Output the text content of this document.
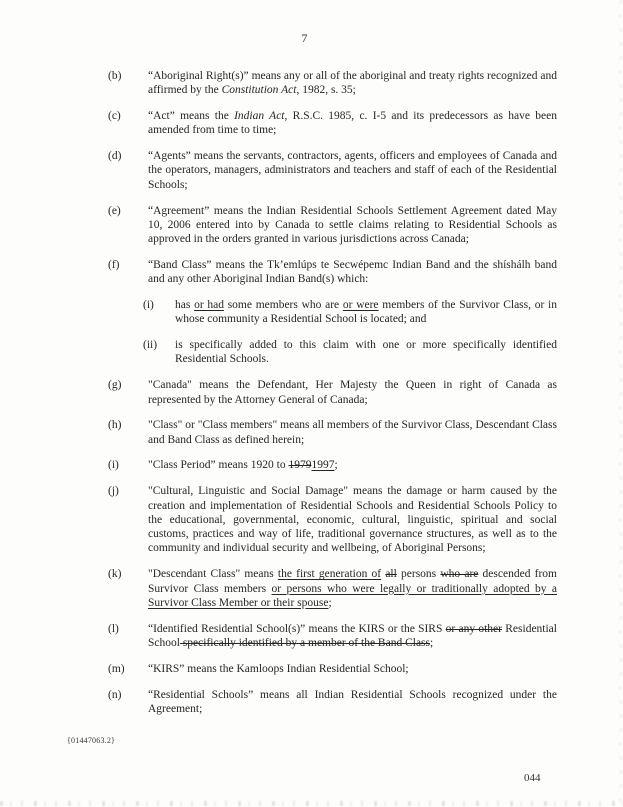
7
(b)	“Aboriginal Right(s)” means any or all of the aboriginal and treaty rights recognized and affirmed by the Constitution Act, 1982, s. 35;
(c)	“Act” means the Indian Act, R.S.C. 1985, c. I-5 and its predecessors as have been amended from time to time;
(d)	“Agents” means the servants, contractors, agents, officers and employees of Canada and the operators, managers, administrators and teachers and staff of each of the Residential Schools;
(e)	“Agreement” means the Indian Residential Schools Settlement Agreement dated May 10, 2006 entered into by Canada to settle claims relating to Residential Schools as approved in the orders granted in various jurisdictions across Canada;
(f)	“Band Class” means the Tk’emlúps te Secwépemc Indian Band and the shíshálh band and any other Aboriginal Indian Band(s) which:
(i)	has or had some members who are or were members of the Survivor Class, or in whose community a Residential School is located; and
(ii)	is specifically added to this claim with one or more specifically identified Residential Schools.
(g)	"Canada" means the Defendant, Her Majesty the Queen in right of Canada as represented by the Attorney General of Canada;
(h)	"Class" or "Class members" means all members of the Survivor Class, Descendant Class and Band Class as defined herein;
(i)	"Class Period” means 1920 to 19791997;
(j)	"Cultural, Linguistic and Social Damage" means the damage or harm caused by the creation and implementation of Residential Schools and Residential Schools Policy to the educational, governmental, economic, cultural, linguistic, spiritual and social customs, practices and way of life, traditional governance structures, as well as to the community and individual security and wellbeing, of Aboriginal Persons;
(k)	"Descendant Class" means the first generation of all persons who are descended from Survivor Class members or persons who were legally or traditionally adopted by a Survivor Class Member or their spouse;
(l)	“Identified Residential School(s)” means the KIRS or the SIRS or any other Residential School specifically identified by a member of the Band Class;
(m)	“KIRS” means the Kamloops Indian Residential School;
(n)	“Residential Schools” means all Indian Residential Schools recognized under the Agreement;
{01447063.2}
044
